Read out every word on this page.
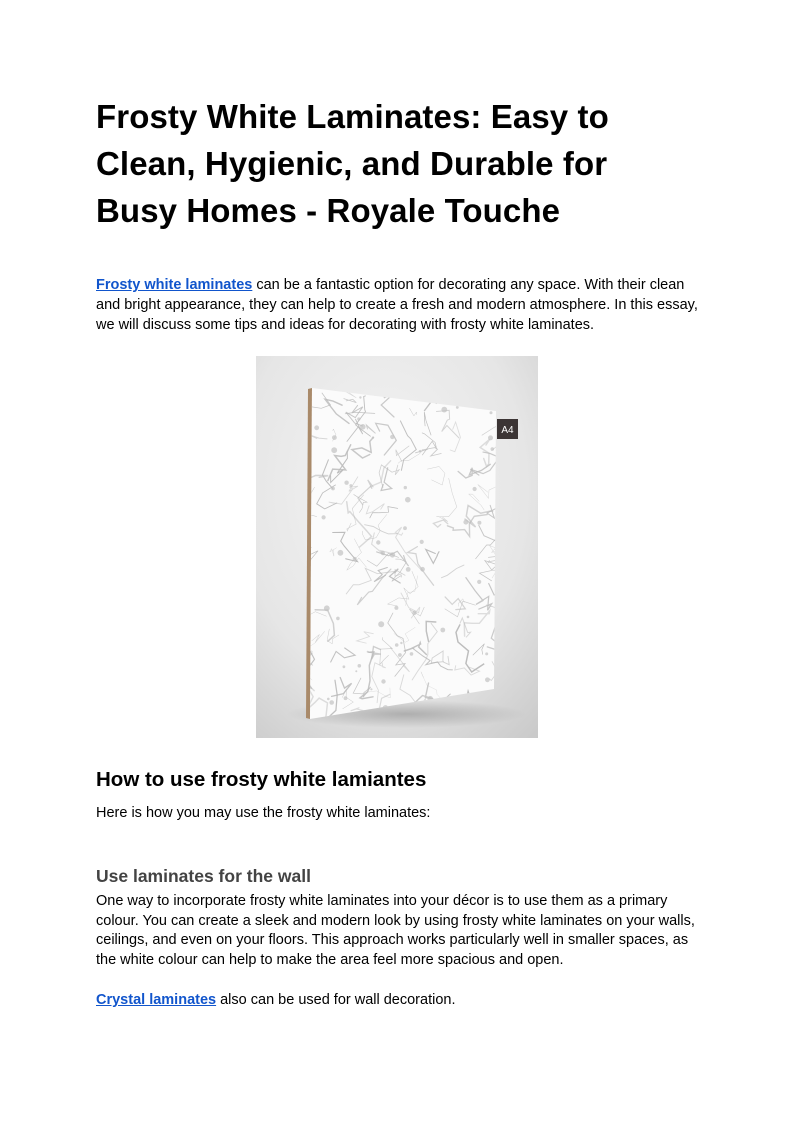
Frosty White Laminates: Easy to Clean, Hygienic, and Durable for Busy Homes - Royale Touche

Frosty white laminates can be a fantastic option for decorating any space. With their clean and bright appearance, they can help to create a fresh and modern atmosphere. In this essay, we will discuss some tips and ideas for decorating with frosty white laminates.

A4
How to use frosty white lamiantes

Here is how you may use the frosty white laminates:

Use laminates for the wall

One way to incorporate frosty white laminates into your décor is to use them as a primary colour. You can create a sleek and modern look by using frosty white laminates on your walls, ceilings, and even on your floors. This approach works particularly well in smaller spaces, as the white colour can help to make the area feel more spacious and open.

Crystal laminates also can be used for wall decoration.
